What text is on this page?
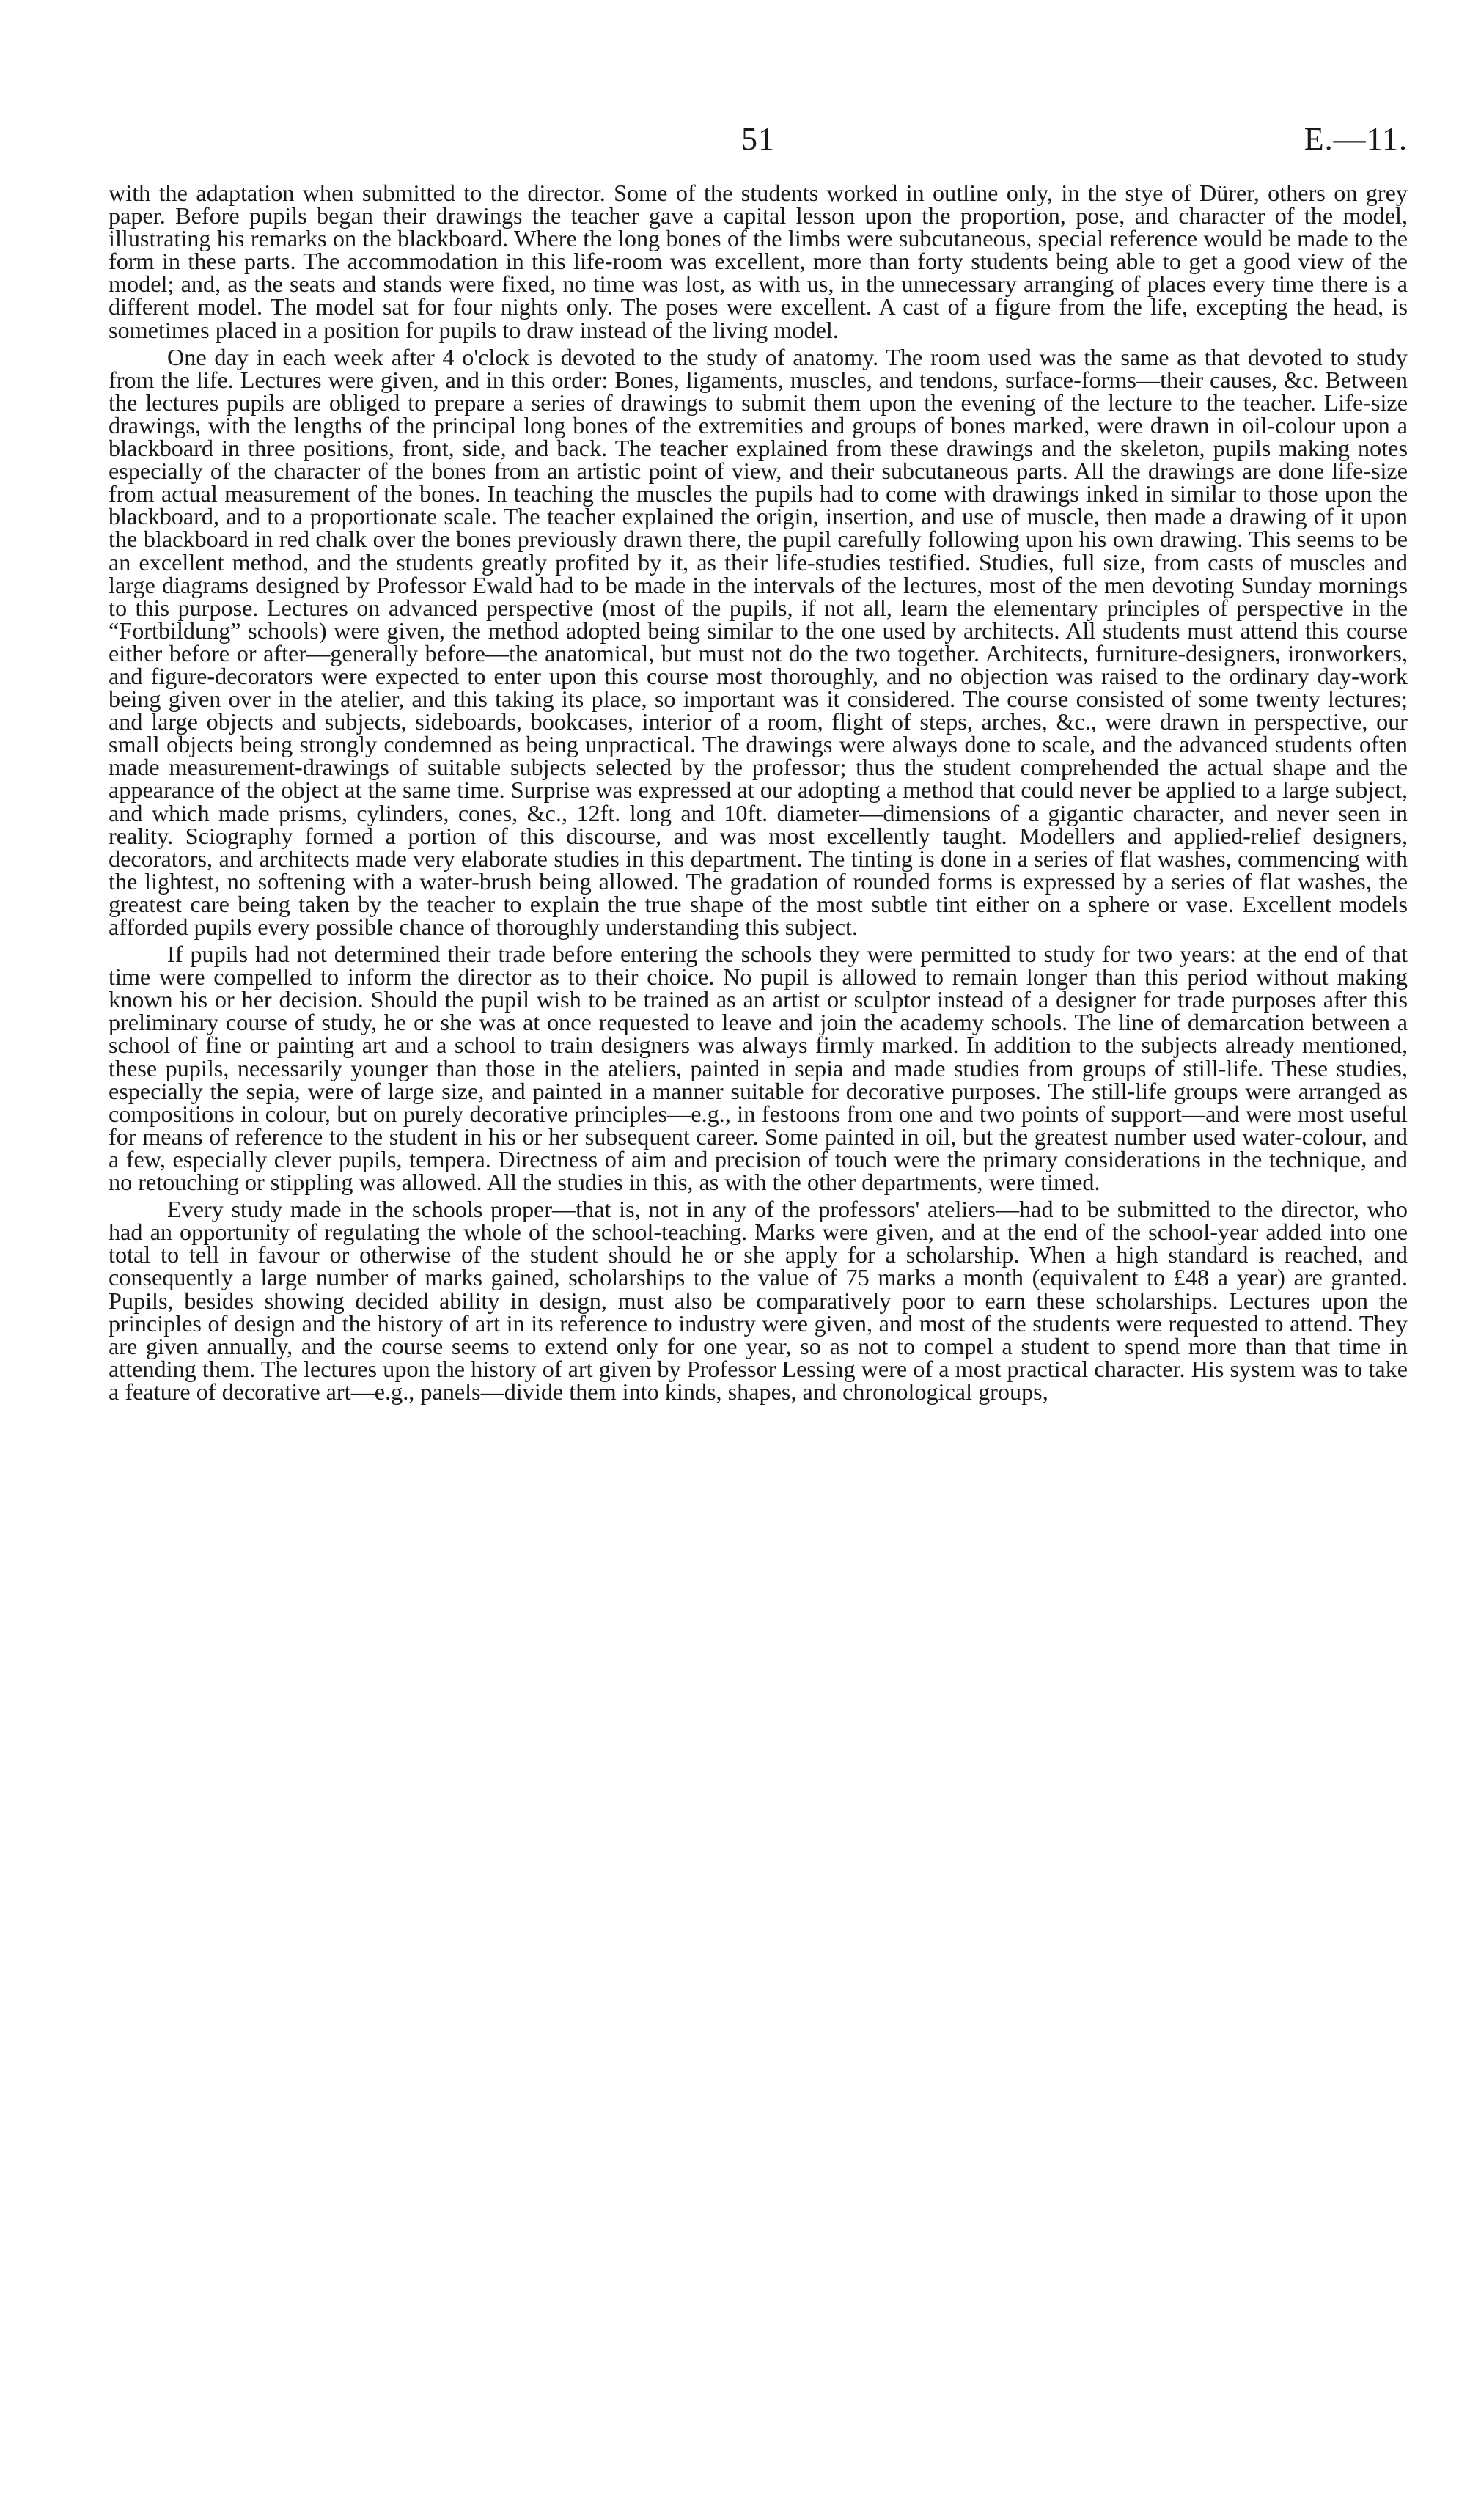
51	E.—11.

with the adaptation when submitted to the director. Some of the students worked in outline only, in the stye of Dürer, others on grey paper. Before pupils began their drawings the teacher gave a capital lesson upon the proportion, pose, and character of the model, illustrating his remarks on the blackboard. Where the long bones of the limbs were subcutaneous, special reference would be made to the form in these parts. The accommodation in this life-room was excellent, more than forty students being able to get a good view of the model; and, as the seats and stands were fixed, no time was lost, as with us, in the unnecessary arranging of places every time there is a different model. The model sat for four nights only. The poses were excellent. A cast of a figure from the life, excepting the head, is sometimes placed in a position for pupils to draw instead of the living model.

One day in each week after 4 o'clock is devoted to the study of anatomy. The room used was the same as that devoted to study from the life. Lectures were given, and in this order: Bones, ligaments, muscles, and tendons, surface-forms—their causes, &c. Between the lectures pupils are obliged to prepare a series of drawings to submit them upon the evening of the lecture to the teacher. Life-size drawings, with the lengths of the principal long bones of the extremities and groups of bones marked, were drawn in oil-colour upon a blackboard in three positions, front, side, and back. The teacher explained from these drawings and the skeleton, pupils making notes especially of the character of the bones from an artistic point of view, and their subcutaneous parts. All the drawings are done life-size from actual measurement of the bones. In teaching the muscles the pupils had to come with drawings inked in similar to those upon the blackboard, and to a proportionate scale. The teacher explained the origin, insertion, and use of muscle, then made a drawing of it upon the blackboard in red chalk over the bones previously drawn there, the pupil carefully following upon his own drawing. This seems to be an excellent method, and the students greatly profited by it, as their life-studies testified. Studies, full size, from casts of muscles and large diagrams designed by Professor Ewald had to be made in the intervals of the lectures, most of the men devoting Sunday mornings to this purpose. Lectures on advanced perspective (most of the pupils, if not all, learn the elementary principles of perspective in the “Fortbildung” schools) were given, the method adopted being similar to the one used by architects. All students must attend this course either before or after—generally before—the anatomical, but must not do the two together. Architects, furniture-designers, ironworkers, and figure-decorators were expected to enter upon this course most thoroughly, and no objection was raised to the ordinary day-work being given over in the atelier, and this taking its place, so important was it considered. The course consisted of some twenty lectures; and large objects and subjects, sideboards, bookcases, interior of a room, flight of steps, arches, &c., were drawn in perspective, our small objects being strongly condemned as being unpractical. The drawings were always done to scale, and the advanced students often made measurement-drawings of suitable subjects selected by the professor; thus the student comprehended the actual shape and the appearance of the object at the same time. Surprise was expressed at our adopting a method that could never be applied to a large subject, and which made prisms, cylinders, cones, &c., 12ft. long and 10ft. diameter—dimensions of a gigantic character, and never seen in reality. Sciography formed a portion of this discourse, and was most excellently taught. Modellers and applied-relief designers, decorators, and architects made very elaborate studies in this department. The tinting is done in a series of flat washes, commencing with the lightest, no softening with a water-brush being allowed. The gradation of rounded forms is expressed by a series of flat washes, the greatest care being taken by the teacher to explain the true shape of the most subtle tint either on a sphere or vase. Excellent models afforded pupils every possible chance of thoroughly understanding this subject.

If pupils had not determined their trade before entering the schools they were permitted to study for two years: at the end of that time were compelled to inform the director as to their choice. No pupil is allowed to remain longer than this period without making known his or her decision. Should the pupil wish to be trained as an artist or sculptor instead of a designer for trade purposes after this preliminary course of study, he or she was at once requested to leave and join the academy schools. The line of demarcation between a school of fine or painting art and a school to train designers was always firmly marked. In addition to the subjects already mentioned, these pupils, necessarily younger than those in the ateliers, painted in sepia and made studies from groups of still-life. These studies, especially the sepia, were of large size, and painted in a manner suitable for decorative purposes. The still-life groups were arranged as compositions in colour, but on purely decorative principles—e.g., in festoons from one and two points of support—and were most useful for means of reference to the student in his or her subsequent career. Some painted in oil, but the greatest number used water-colour, and a few, especially clever pupils, tempera. Directness of aim and precision of touch were the primary considerations in the technique, and no retouching or stippling was allowed. All the studies in this, as with the other departments, were timed.

Every study made in the schools proper—that is, not in any of the professors' ateliers—had to be submitted to the director, who had an opportunity of regulating the whole of the school-teaching. Marks were given, and at the end of the school-year added into one total to tell in favour or otherwise of the student should he or she apply for a scholarship. When a high standard is reached, and consequently a large number of marks gained, scholarships to the value of 75 marks a month (equivalent to £48 a year) are granted. Pupils, besides showing decided ability in design, must also be comparatively poor to earn these scholarships. Lectures upon the principles of design and the history of art in its reference to industry were given, and most of the students were requested to attend. They are given annually, and the course seems to extend only for one year, so as not to compel a student to spend more than that time in attending them. The lectures upon the history of art given by Professor Lessing were of a most practical character. His system was to take a feature of decorative art—e.g., panels—divide them into kinds, shapes, and chronological groups,
